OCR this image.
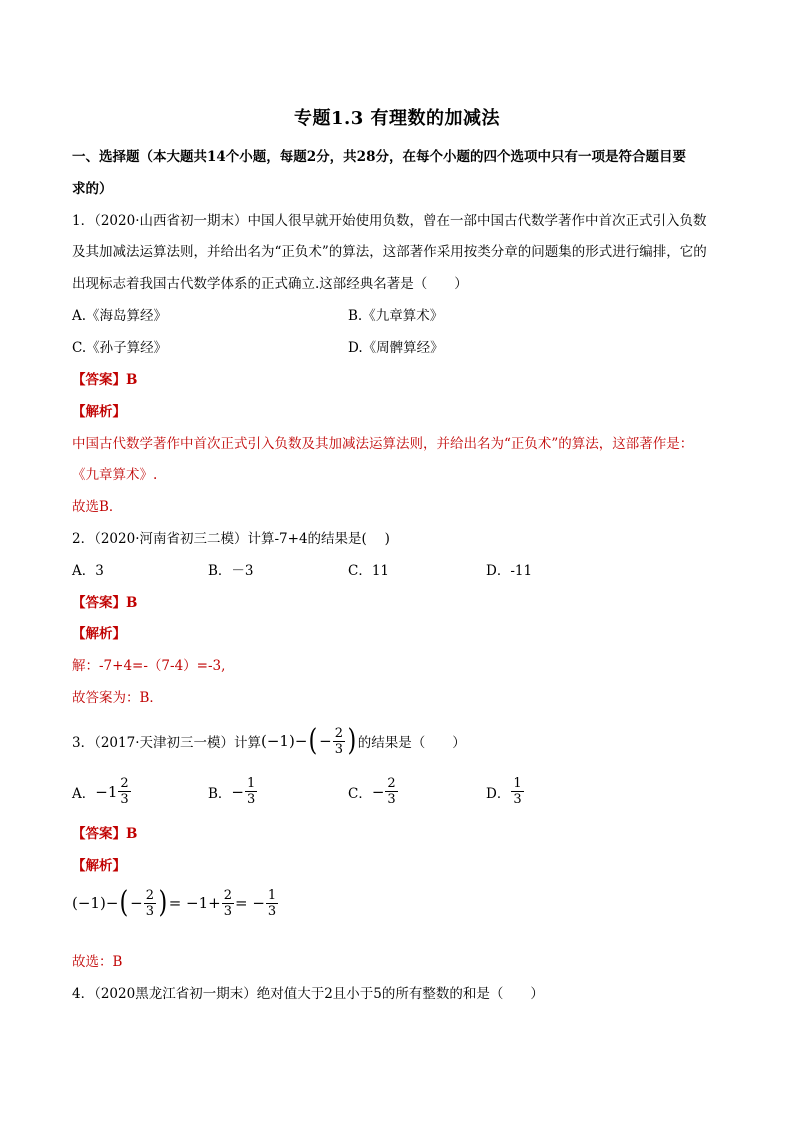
专题1.3 有理数的加减法
一、选择题（本大题共14个小题，每题2分，共28分，在每个小题的四个选项中只有一项是符合题目要
求的）
1．（2020·山西省初一期末）中国人很早就开始使用负数，曾在一部中国古代数学著作中首次正式引入负数
及其加减法运算法则，并给出名为“正负术”的算法，这部著作采用按类分章的问题集的形式进行编排，它的
出现标志着我国古代数学体系的正式确立.这部经典名著是（　　）
A.《海岛算经》	B.《九章算术》
C.《孙子算经》	D.《周髀算经》
【答案】B
【解析】
中国古代数学著作中首次正式引入负数及其加减法运算法则，并给出名为“正负术”的算法，这部著作是：
《九章算术》.
故选B．
2．（2020·河南省初三二模）计算-7+4的结果是(　 )
A．3	B．－3	C．11	D．-11
【答案】B
【解析】
解：-7+4=-（7-4）=-3,
故答案为：B．
3．（2017·天津初三一模）计算 (−1) − ( − $\frac{2}{3}$ ) 的结果是（　　）
A． $-1 \frac{2}{3}$	B． − $\frac{1}{3}$	C． − $\frac{2}{3}$	D． $\frac{1}{3}$
【答案】B
【解析】
(−1) − ( − $\frac{2}{3}$ ) = $-1+ \frac{2}{3}$ = − $\frac{1}{3}$
故选：B
4．（2020黑龙江省初一期末）绝对值大于2且小于5的所有整数的和是（　　）
